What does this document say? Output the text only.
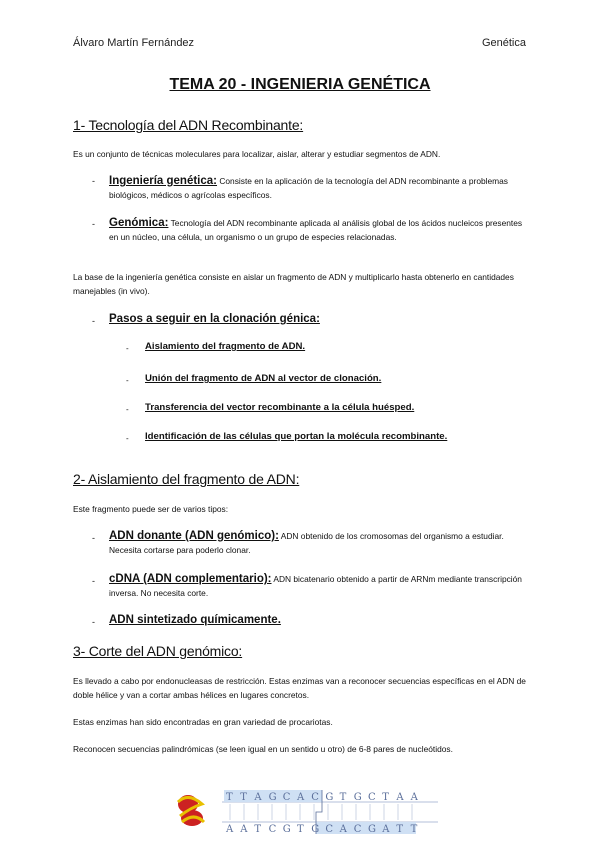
Álvaro Martín Fernández	Genética
TEMA 20 - INGENIERIA GENÉTICA
1- Tecnología del ADN Recombinante:
Es un conjunto de técnicas moleculares para localizar, aislar, alterar y estudiar segmentos de ADN.
- Ingeniería genética: Consiste en la aplicación de la tecnología del ADN recombinante a problemas biológicos, médicos o agrícolas específicos.
- Genómica: Tecnología del ADN recombinante aplicada al análisis global de los ácidos nucleicos presentes en un núcleo, una célula, un organismo o un grupo de especies relacionadas.
La base de la ingeniería genética consiste en aislar un fragmento de ADN y multiplicarlo hasta obtenerlo en cantidades manejables (in vivo).
- Pasos a seguir en la clonación génica:
- Aislamiento del fragmento de ADN.
- Unión del fragmento de ADN al vector de clonación.
- Transferencia del vector recombinante a la célula huésped.
- Identificación de las células que portan la molécula recombinante.
2- Aislamiento del fragmento de ADN:
Este fragmento puede ser de varios tipos:
- ADN donante (ADN genómico): ADN obtenido de los cromosomas del organismo a estudiar. Necesita cortarse para poderlo clonar.
- cDNA (ADN complementario): ADN bicatenario obtenido a partir de ARNm mediante transcripción inversa. No necesita corte.
- ADN sintetizado químicamente.
3- Corte del ADN genómico:
Es llevado a cabo por endonucleasas de restricción. Estas enzimas van a reconocer secuencias específicas en el ADN de doble hélice y van a cortar ambas hélices en lugares concretos.
Estas enzimas han sido encontradas en gran variedad de procariotas.
Reconocen secuencias palindrómicas (se leen igual en un sentido u otro) de 6-8 pares de nucleótidos.
T T A G C A C G T G C T A A
A A T C G T G C A C G A T T
